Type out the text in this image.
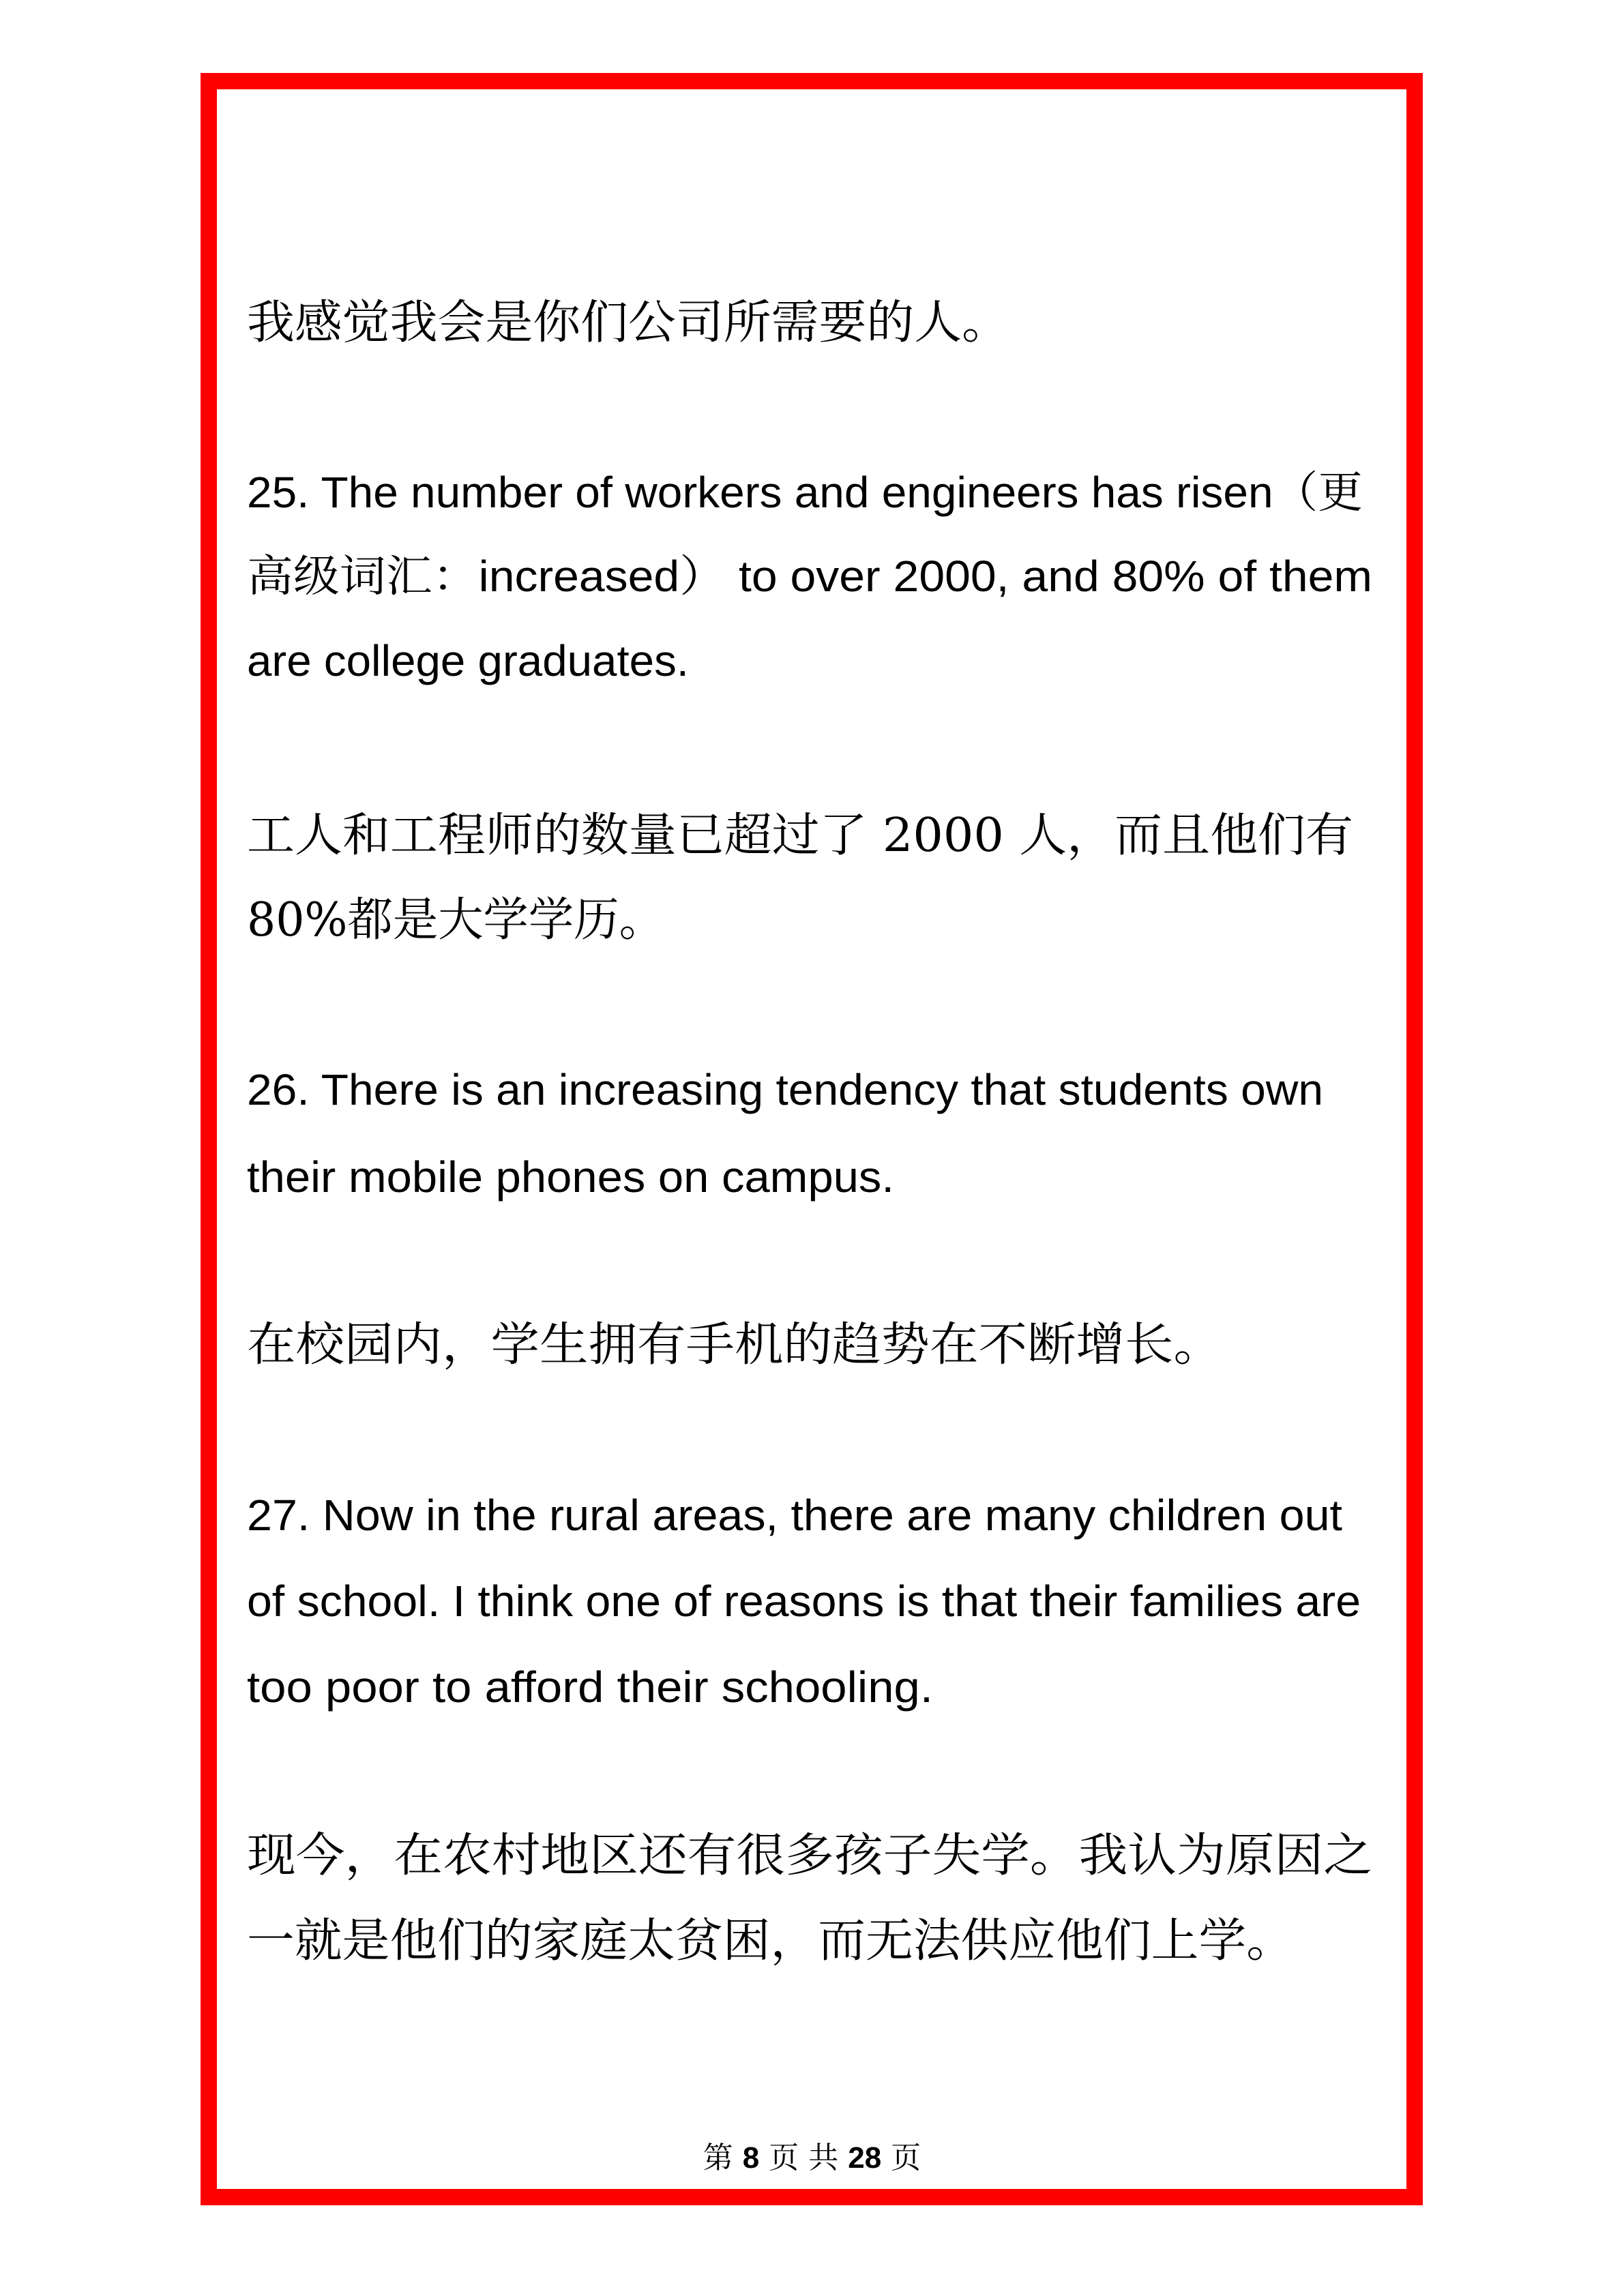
我感觉我会是你们公司所需要的人。
25. The number of workers and engineers has risen（更
高级词汇：increased） to over 2000, and 80% of them
are college graduates.
工人和工程师的数量已超过了 2000 人，而且他们有
80%都是大学学历。
26. There is an increasing tendency that students own
their mobile phones on campus.
在校园内，学生拥有手机的趋势在不断增长。
27. Now in the rural areas, there are many children out
of school. I think one of reasons is that their families are
too poor to afford their schooling.
现今，在农村地区还有很多孩子失学。我认为原因之
一就是他们的家庭太贫困，而无法供应他们上学。
第 8 页 共 28 页
